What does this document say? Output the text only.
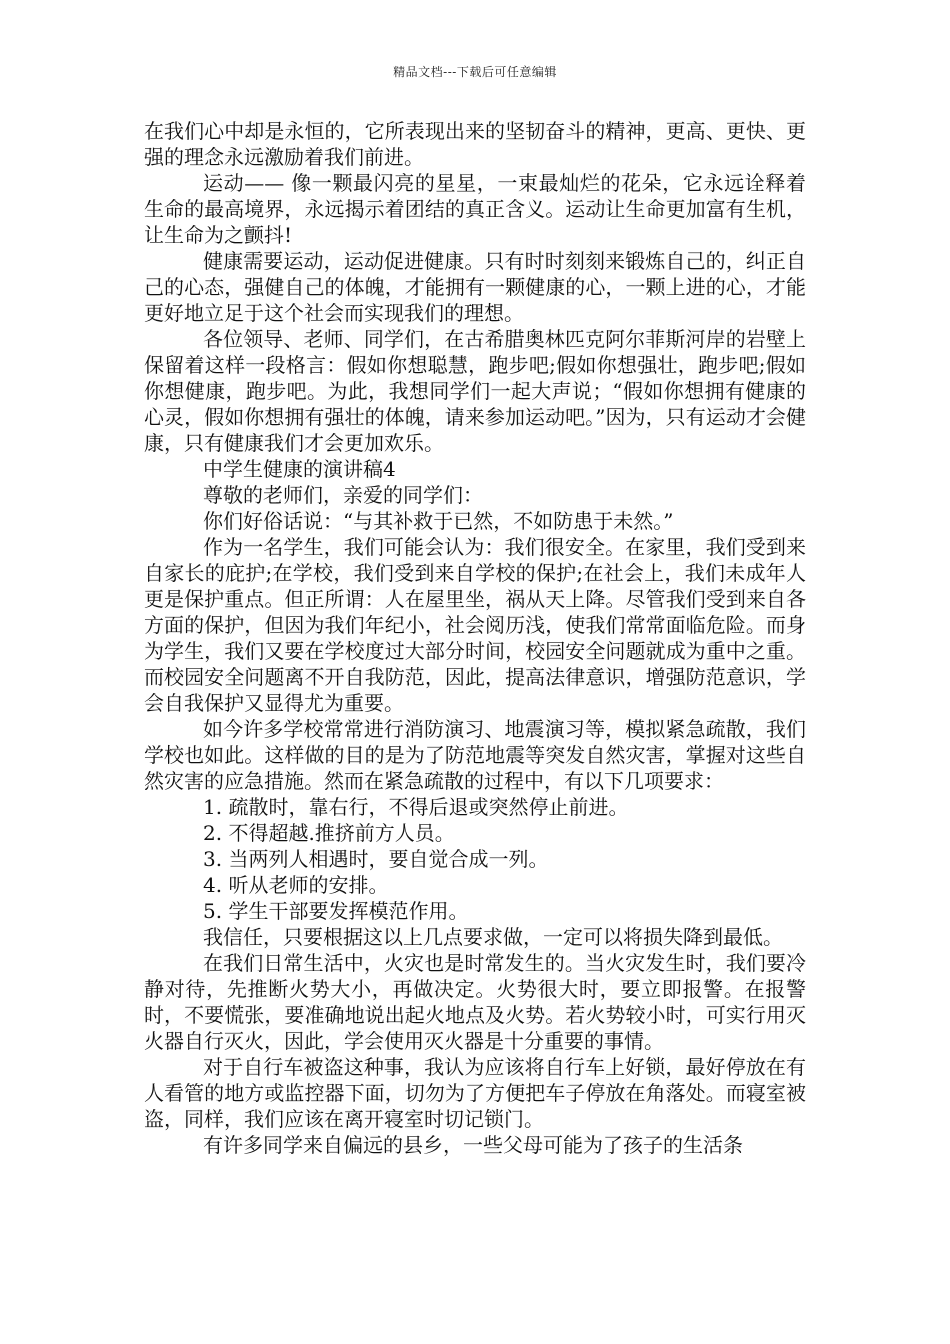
精品文档---下载后可任意编辑

在我们心中却是永恒的，它所表现出来的坚韧奋斗的精神，更高、更快、更强的理念永远激励着我们前进。

运动—— 像一颗最闪亮的星星，一束最灿烂的花朵，它永远诠释着生命的最高境界，永远揭示着团结的真正含义。运动让生命更加富有生机，让生命为之颤抖!

健康需要运动，运动促进健康。只有时时刻刻来锻炼自己的，纠正自己的心态，强健自己的体魄，才能拥有一颗健康的心，一颗上进的心，才能更好地立足于这个社会而实现我们的理想。

各位领导、老师、同学们，在古希腊奥林匹克阿尔菲斯河岸的岩壁上保留着这样一段格言：假如你想聪慧，跑步吧;假如你想强壮，跑步吧;假如你想健康，跑步吧。为此，我想同学们一起大声说；“假如你想拥有健康的心灵，假如你想拥有强壮的体魄，请来参加运动吧。”因为，只有运动才会健康，只有健康我们才会更加欢乐。

中学生健康的演讲稿4

尊敬的老师们，亲爱的同学们：

你们好俗话说：“与其补救于已然，不如防患于未然。”

作为一名学生，我们可能会认为：我们很安全。在家里，我们受到来自家长的庇护;在学校，我们受到来自学校的保护;在社会上，我们未成年人更是保护重点。但正所谓：人在屋里坐，祸从天上降。尽管我们受到来自各方面的保护，但因为我们年纪小，社会阅历浅，使我们常常面临危险。而身为学生，我们又要在学校度过大部分时间，校园安全问题就成为重中之重。而校园安全问题离不开自我防范，因此，提高法律意识，增强防范意识，学会自我保护又显得尤为重要。

如今许多学校常常进行消防演习、地震演习等，模拟紧急疏散，我们学校也如此。这样做的目的是为了防范地震等突发自然灾害，掌握对这些自然灾害的应急措施。然而在紧急疏散的过程中，有以下几项要求：

1. 疏散时，靠右行，不得后退或突然停止前进。

2. 不得超越.推挤前方人员。

3. 当两列人相遇时，要自觉合成一列。

4. 听从老师的安排。

5. 学生干部要发挥模范作用。

我信任，只要根据这以上几点要求做，一定可以将损失降到最低。

在我们日常生活中，火灾也是时常发生的。当火灾发生时，我们要冷静对待，先推断火势大小，再做决定。火势很大时，要立即报警。在报警时，不要慌张，要准确地说出起火地点及火势。若火势较小时，可实行用灭火器自行灭火，因此，学会使用灭火器是十分重要的事情。

对于自行车被盗这种事，我认为应该将自行车上好锁，最好停放在有人看管的地方或监控器下面，切勿为了方便把车子停放在角落处。而寝室被盗，同样，我们应该在离开寝室时切记锁门。

有许多同学来自偏远的县乡，一些父母可能为了孩子的生活条
